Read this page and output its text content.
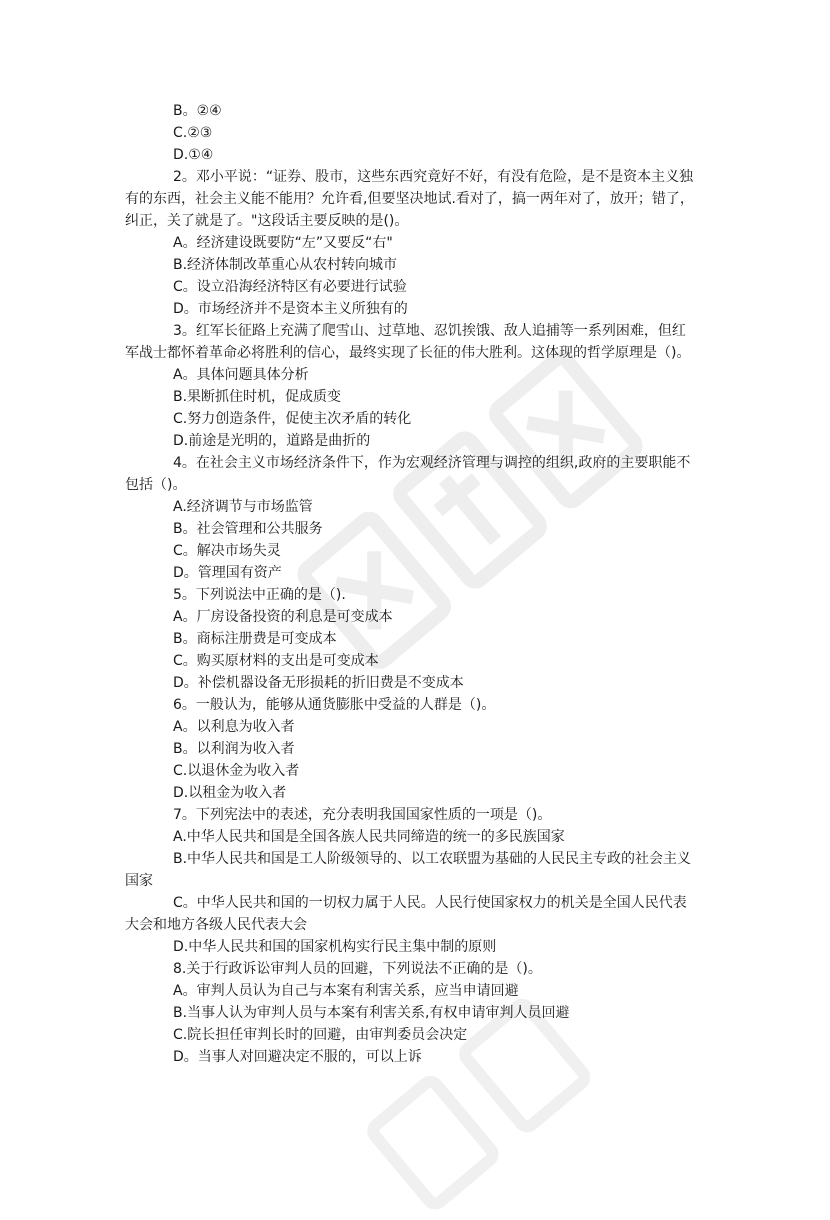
B。②④
C.②③
D.①④
2。邓小平说：“证券、股市，这些东西究竟好不好，有没有危险，是不是资本主义独
有的东西，社会主义能不能用？允许看,但要坚决地试.看对了，搞一两年对了，放开；错了，
纠正，关了就是了。"这段话主要反映的是()。
A。经济建设既要防“左”又要反“右"
B.经济体制改革重心从农村转向城市
C。设立沿海经济特区有必要进行试验
D。市场经济并不是资本主义所独有的
3。红军长征路上充满了爬雪山、过草地、忍饥挨饿、敌人追捕等一系列困难，但红
军战士都怀着革命必将胜利的信心，最终实现了长征的伟大胜利。这体现的哲学原理是（)。
A。具体问题具体分析
B.果断抓住时机，促成质变
C.努力创造条件，促使主次矛盾的转化
D.前途是光明的，道路是曲折的
4。在社会主义市场经济条件下，作为宏观经济管理与调控的组织,政府的主要职能不
包括（)。
A.经济调节与市场监管
B。社会管理和公共服务
C。解决市场失灵
D。管理国有资产
5。下列说法中正确的是（).
A。厂房设备投资的利息是可变成本
B。商标注册费是可变成本
C。购买原材料的支出是可变成本
D。补偿机器设备无形损耗的折旧费是不变成本
6。一般认为，能够从通货膨胀中受益的人群是（)。
A。以利息为收入者
B。以利润为收入者
C.以退休金为收入者
D.以租金为收入者
7。下列宪法中的表述，充分表明我国国家性质的一项是（)。
A.中华人民共和国是全国各族人民共同缔造的统一的多民族国家
B.中华人民共和国是工人阶级领导的、以工农联盟为基础的人民民主专政的社会主义
国家
C。中华人民共和国的一切权力属于人民。人民行使国家权力的机关是全国人民代表
大会和地方各级人民代表大会
D.中华人民共和国的国家机构实行民主集中制的原则
8.关于行政诉讼审判人员的回避，下列说法不正确的是（)。
A。审判人员认为自己与本案有利害关系，应当申请回避
B.当事人认为审判人员与本案有利害关系,有权申请审判人员回避
C.院长担任审判长时的回避，由审判委员会决定
D。当事人对回避决定不服的，可以上诉
